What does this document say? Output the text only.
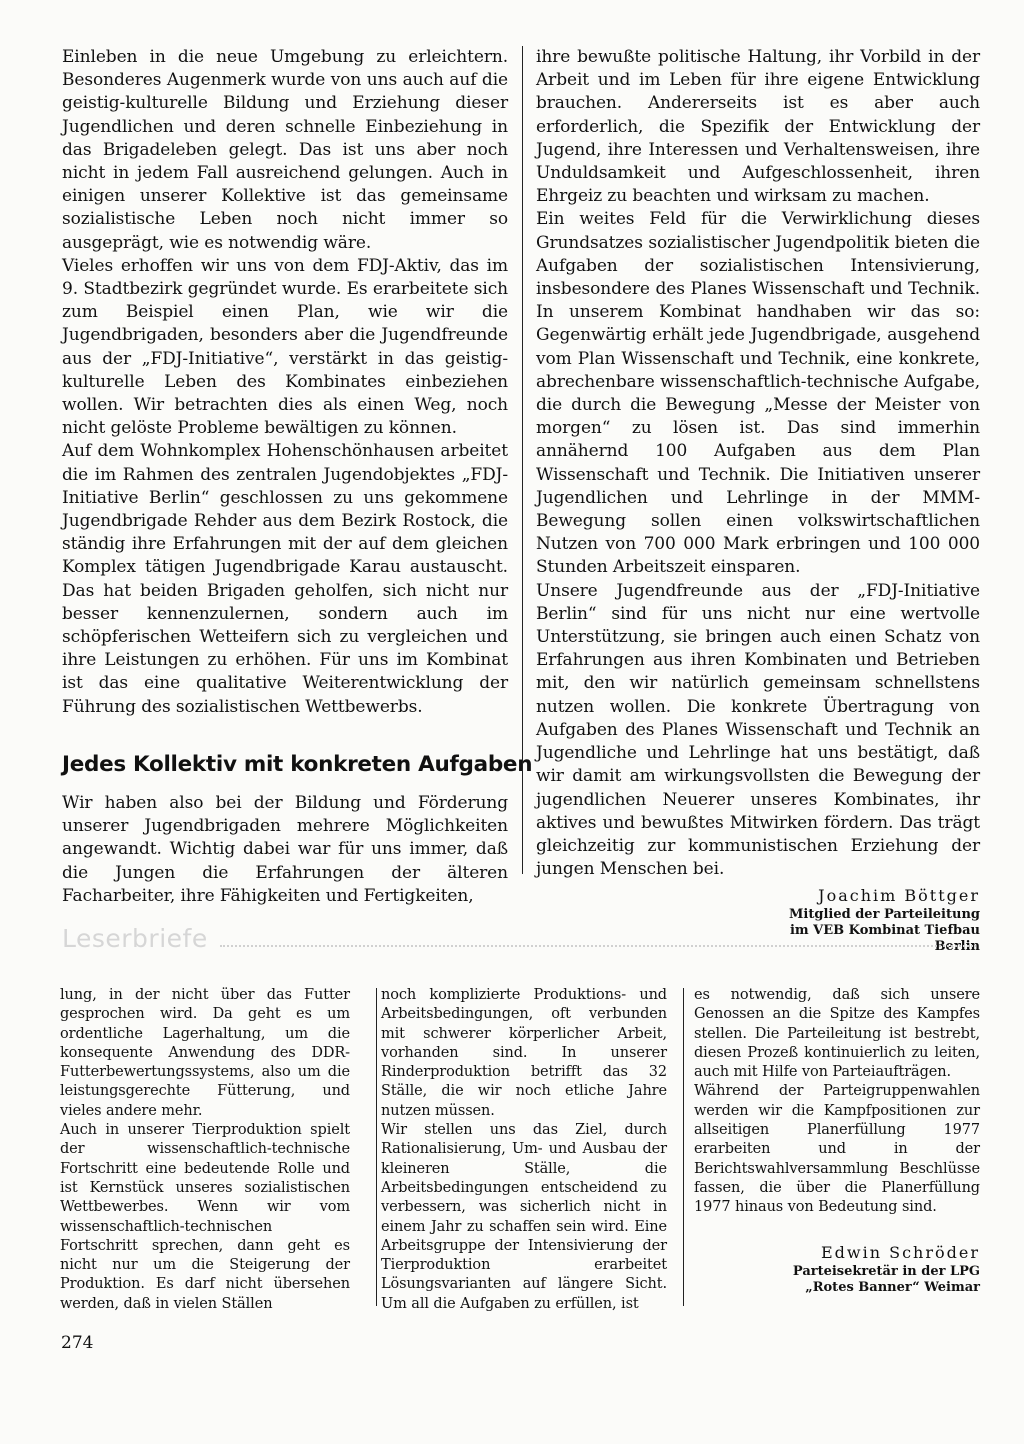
Einleben in die neue Umgebung zu erleichtern. Besonderes Augenmerk wurde von uns auch auf die geistig-kulturelle Bildung und Erziehung dieser Jugendlichen und deren schnelle Einbeziehung in das Brigadeleben gelegt. Das ist uns aber noch nicht in jedem Fall ausreichend gelungen. Auch in einigen unserer Kollektive ist das gemeinsame sozialistische Leben noch nicht immer so ausgeprägt, wie es notwendig wäre.

Vieles erhoffen wir uns von dem FDJ-Aktiv, das im 9. Stadtbezirk gegründet wurde. Es erarbeitete sich zum Beispiel einen Plan, wie wir die Jugendbrigaden, besonders aber die Jugendfreunde aus der „FDJ-Initiative“, verstärkt in das geistig-kulturelle Leben des Kombinates einbeziehen wollen. Wir betrachten dies als einen Weg, noch nicht gelöste Probleme bewältigen zu können.

Auf dem Wohnkomplex Hohenschönhausen arbeitet die im Rahmen des zentralen Jugendobjektes „FDJ-Initiative Berlin“ geschlossen zu uns gekommene Jugendbrigade Rehder aus dem Bezirk Rostock, die ständig ihre Erfahrungen mit der auf dem gleichen Komplex tätigen Jugendbrigade Karau austauscht. Das hat beiden Brigaden geholfen, sich nicht nur besser kennenzulernen, sondern auch im schöpferischen Wetteifern sich zu vergleichen und ihre Leistungen zu erhöhen. Für uns im Kombinat ist das eine qualitative Weiterentwicklung der Führung des sozialistischen Wettbewerbs.

Jedes Kollektiv mit konkreten Aufgaben

Wir haben also bei der Bildung und Förderung unserer Jugendbrigaden mehrere Möglichkeiten angewandt. Wichtig dabei war für uns immer, daß die Jungen die Erfahrungen der älteren Facharbeiter, ihre Fähigkeiten und Fertigkeiten,

ihre bewußte politische Haltung, ihr Vorbild in der Arbeit und im Leben für ihre eigene Entwicklung brauchen. Andererseits ist es aber auch erforderlich, die Spezifik der Entwicklung der Jugend, ihre Interessen und Verhaltensweisen, ihre Unduldsamkeit und Aufgeschlossenheit, ihren Ehrgeiz zu beachten und wirksam zu machen.

Ein weites Feld für die Verwirklichung dieses Grundsatzes sozialistischer Jugendpolitik bieten die Aufgaben der sozialistischen Intensivierung, insbesondere des Planes Wissenschaft und Technik. In unserem Kombinat handhaben wir das so: Gegenwärtig erhält jede Jugendbrigade, ausgehend vom Plan Wissenschaft und Technik, eine konkrete, abrechenbare wissenschaftlich-technische Aufgabe, die durch die Bewegung „Messe der Meister von morgen“ zu lösen ist. Das sind immerhin annähernd 100 Aufgaben aus dem Plan Wissenschaft und Technik. Die Initiativen unserer Jugendlichen und Lehrlinge in der MMM-Bewegung sollen einen volkswirtschaftlichen Nutzen von 700 000 Mark erbringen und 100 000 Stunden Arbeitszeit einsparen.

Unsere Jugendfreunde aus der „FDJ-Initiative Berlin“ sind für uns nicht nur eine wertvolle Unterstützung, sie bringen auch einen Schatz von Erfahrungen aus ihren Kombinaten und Betrieben mit, den wir natürlich gemeinsam schnellstens nutzen wollen. Die konkrete Übertragung von Aufgaben des Planes Wissenschaft und Technik an Jugendliche und Lehrlinge hat uns bestätigt, daß wir damit am wirkungsvollsten die Bewegung der jugendlichen Neuerer unseres Kombinates, ihr aktives und bewußtes Mitwirken fördern. Das trägt gleichzeitig zur kommunistischen Erziehung der jungen Menschen bei.

Joachim Böttger

Mitglied der Parteileitung

im VEB Kombinat Tiefbau

Berlin

Leserbriefe

lung, in der nicht über das Futter gesprochen wird. Da geht es um ordentliche Lagerhaltung, um die konsequente Anwendung des DDR-Futterbewertungssystems, also um die leistungsgerechte Fütterung, und vieles andere mehr.

Auch in unserer Tierproduktion spielt der wissenschaftlich-technische Fortschritt eine bedeutende Rolle und ist Kernstück unseres sozialistischen Wettbewerbes. Wenn wir vom wissenschaftlich-technischen Fortschritt sprechen, dann geht es nicht nur um die Steigerung der Produktion. Es darf nicht übersehen werden, daß in vielen Ställen

noch komplizierte Produktions- und Arbeitsbedingungen, oft verbunden mit schwerer körperlicher Arbeit, vorhanden sind. In unserer Rinderproduktion betrifft das 32 Ställe, die wir noch etliche Jahre nutzen müssen.

Wir stellen uns das Ziel, durch Rationalisierung, Um- und Ausbau der kleineren Ställe, die Arbeitsbedingungen entscheidend zu verbessern, was sicherlich nicht in einem Jahr zu schaffen sein wird. Eine Arbeitsgruppe der Intensivierung der Tierproduktion erarbeitet Lösungsvarianten auf längere Sicht. Um all die Aufgaben zu erfüllen, ist

es notwendig, daß sich unsere Genossen an die Spitze des Kampfes stellen. Die Parteileitung ist bestrebt, diesen Prozeß kontinuierlich zu leiten, auch mit Hilfe von Parteiaufträgen.

Während der Parteigruppenwahlen werden wir die Kampfpositionen zur allseitigen Planerfüllung 1977 erarbeiten und in der Berichtswahlversammlung Beschlüsse fassen, die über die Planerfüllung 1977 hinaus von Bedeutung sind.

Edwin Schröder

Parteisekretär in der LPG

„Rotes Banner“ Weimar

274
